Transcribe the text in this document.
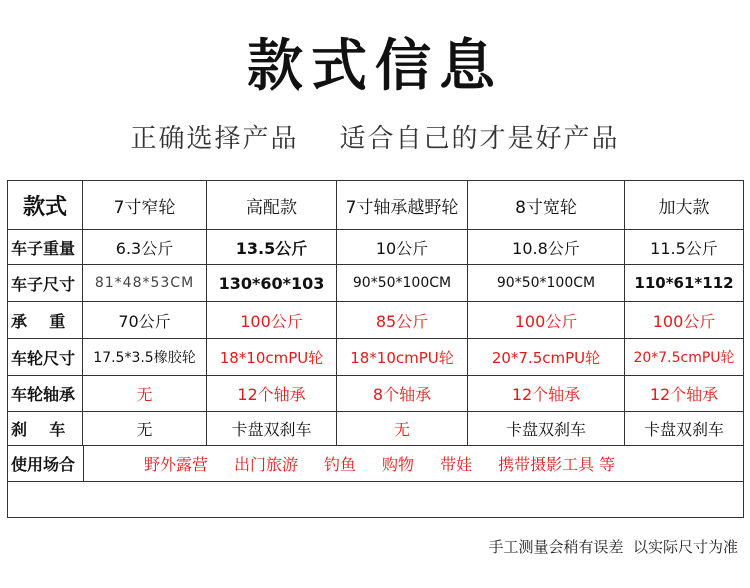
款式信息
正确选择产品    适合自己的才是好产品
款式	7寸窄轮	高配款	7寸轴承越野轮	8寸宽轮	加大款
车子重量	6.3公斤	13.5公斤	10公斤	10.8公斤	11.5公斤
车子尺寸	81*48*53CM	130*60*103	90*50*100CM	90*50*100CM	110*61*112
承    重	70公斤	100公斤	85公斤	100公斤	100公斤
车轮尺寸	17.5*3.5橡胶轮	18*10cmPU轮	18*10cmPU轮	20*7.5cmPU轮	20*7.5cmPU轮
车轮轴承	无	12个轴承	8个轴承	12个轴承	12个轴承
刹    车	无	卡盘双刹车	无	卡盘双刹车	卡盘双刹车
使用场合	野外露营 出门旅游 钓鱼 购物 带娃 携带摄影工具 等
手工测量会稍有误差  以实际尺寸为准
